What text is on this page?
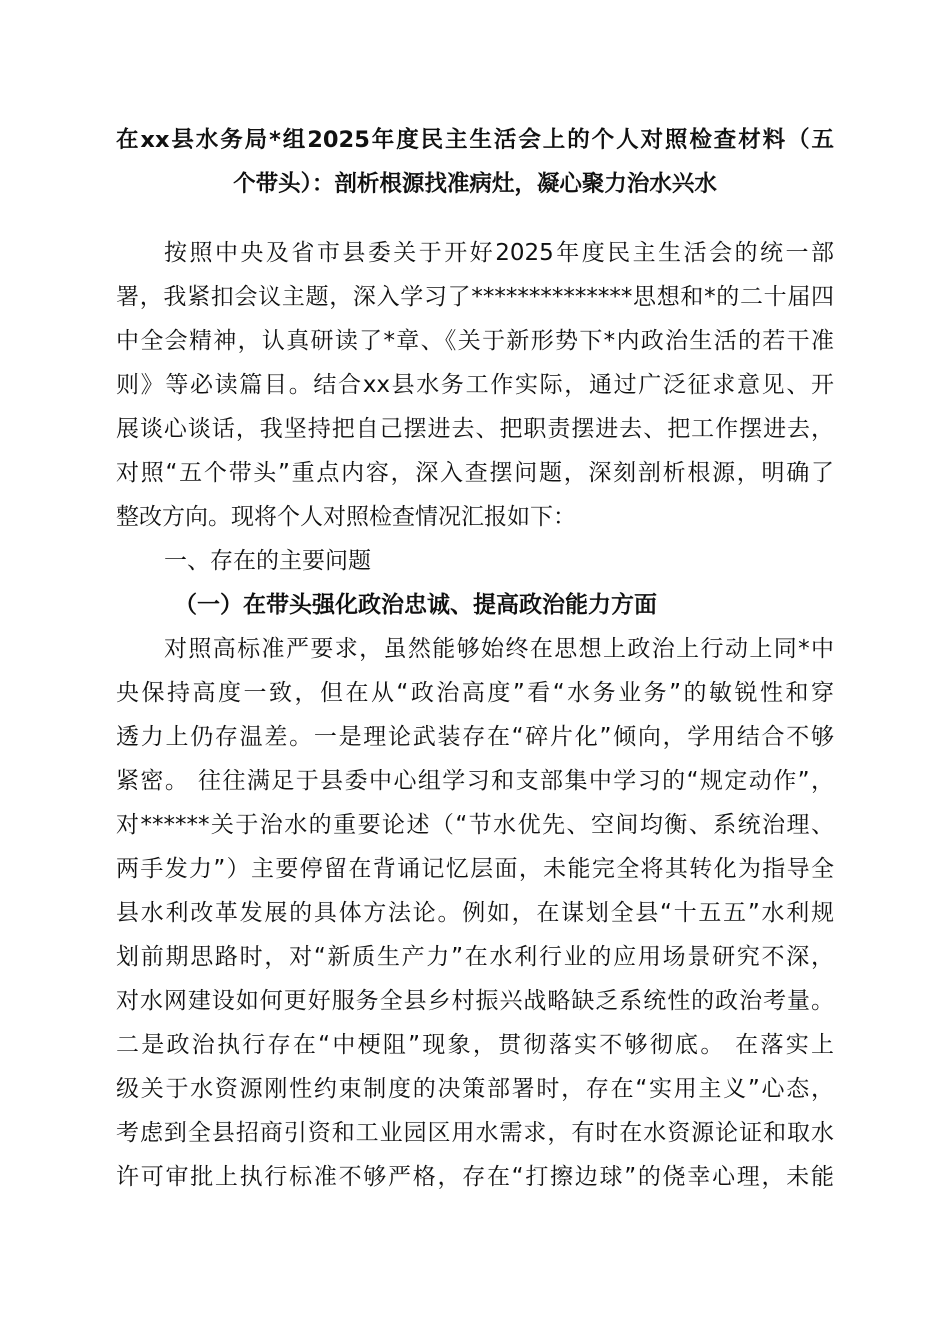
在xx县水务局*组2025年度民主生活会上的个人对照检查材料（五
个带头）：剖析根源找准病灶，凝心聚力治水兴水
按照中央及省市县委关于开好2025年度民主生活会的统一部
署，我紧扣会议主题，深入学习了**************思想和*的二十届四
中全会精神，认真研读了*章、《关于新形势下*内政治生活的若干准
则》等必读篇目。结合xx县水务工作实际，通过广泛征求意见、开
展谈心谈话，我坚持把自己摆进去、把职责摆进去、把工作摆进去，
对照“五个带头”重点内容，深入查摆问题，深刻剖析根源，明确了
整改方向。现将个人对照检查情况汇报如下：
一、存在的主要问题
（一）在带头强化政治忠诚、提高政治能力方面
对照高标准严要求，虽然能够始终在思想上政治上行动上同*中
央保持高度一致，但在从“政治高度”看“水务业务”的敏锐性和穿
透力上仍存温差。一是理论武装存在“碎片化”倾向，学用结合不够
紧密。 往往满足于县委中心组学习和支部集中学习的“规定动作”，
对******关于治水的重要论述（“节水优先、空间均衡、系统治理、
两手发力”）主要停留在背诵记忆层面，未能完全将其转化为指导全
县水利改革发展的具体方法论。例如，在谋划全县“十五五”水利规
划前期思路时，对“新质生产力”在水利行业的应用场景研究不深，
对水网建设如何更好服务全县乡村振兴战略缺乏系统性的政治考量。
二是政治执行存在“中梗阻”现象，贯彻落实不够彻底。 在落实上
级关于水资源刚性约束制度的决策部署时，存在“实用主义”心态，
考虑到全县招商引资和工业园区用水需求，有时在水资源论证和取水
许可审批上执行标准不够严格，存在“打擦边球”的侥幸心理，未能
